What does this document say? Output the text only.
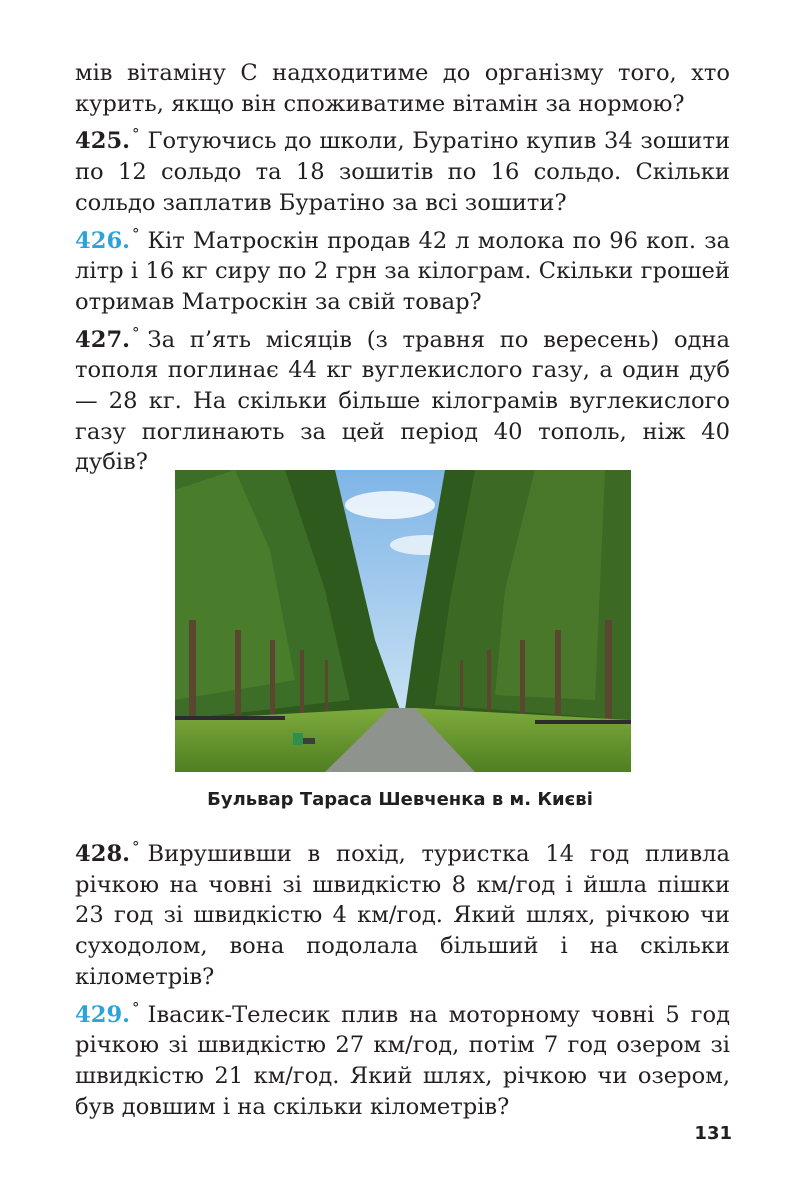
мів вітаміну С надходитиме до організму того, хто курить, якщо він споживатиме вітамін за нормою?

425. ° Готуючись до школи, Буратіно купив 34 зошити по 12 сольдо та 18 зошитів по 16 сольдо. Скільки сольдо заплатив Буратіно за всі зошити?

426. ° Кіт Матроскін продав 42 л молока по 96 коп. за літр і 16 кг сиру по 2 грн за кілограм. Скільки грошей отримав Матроскін за свій товар?

427. ° За п’ять місяців (з травня по вересень) одна тополя поглинає 44 кг вуглекислого газу, а один дуб — 28 кг. На скільки більше кілограмів вуглекислого газу поглинають за цей період 40 тополь, ніж 40 дубів?

Бульвар Тараса Шевченка в м. Києві

428. ° Вирушивши в похід, туристка 14 год пливла річкою на човні зі швидкістю 8 км/год і йшла пішки 23 год зі швидкістю 4 км/год. Який шлях, річкою чи суходолом, вона подолала більший і на скільки кілометрів?

429. ° Івасик-Телесик плив на моторному човні 5 год річкою зі швидкістю 27 км/год, потім 7 год озером зі швидкістю 21 км/год. Який шлях, річкою чи озером, був довшим і на скільки кілометрів?

131
